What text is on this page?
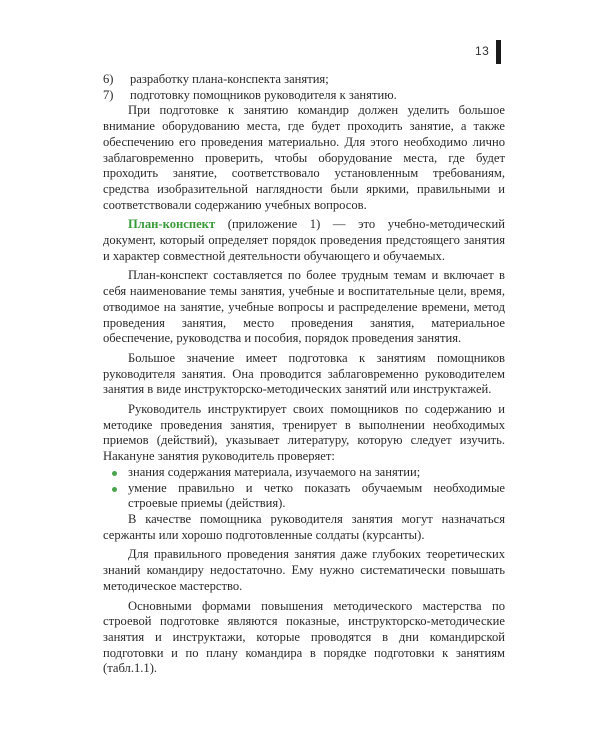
13
6)	разработку плана-конспекта занятия;
7)	подготовку помощников руководителя к занятию.

При подготовке к занятию командир должен уделить большое внимание оборудованию места, где будет проходить занятие, а также обеспечению его проведения материально. Для этого необходимо лично заблаговременно проверить, чтобы оборудование места, где будет проходить занятие, соответствовало установленным требованиям, средства изобразительной наглядности были яркими, правильными и соответствовали содержанию учебных вопросов.

План-конспект (приложение 1) — это учебно-методический документ, который определяет порядок проведения предстоящего занятия и характер совместной деятельности обучающего и обучаемых.

План-конспект составляется по более трудным темам и включает в себя наименование темы занятия, учебные и воспитательные цели, время, отводимое на занятие, учебные вопросы и распределение времени, метод проведения занятия, место проведения занятия, материальное обеспечение, руководства и пособия, порядок проведения занятия.

Большое значение имеет подготовка к занятиям помощников руководителя занятия. Она проводится заблаговременно руководителем занятия в виде инструкторско-методических занятий или инструктажей.

Руководитель инструктирует своих помощников по содержанию и методике проведения занятия, тренирует в выполнении необходимых приемов (действий), указывает литературу, которую следует изучить. Накануне занятия руководитель проверяет:

знания содержания материала, изучаемого на занятии;
умение правильно и четко показать обучаемым необходимые строевые приемы (действия).

В качестве помощника руководителя занятия могут назначаться сержанты или хорошо подготовленные солдаты (курсанты).

Для правильного проведения занятия даже глубоких теоретических знаний командиру недостаточно. Ему нужно систематически повышать методическое мастерство.

Основными формами повышения методического мастерства по строевой подготовке являются показные, инструкторско-методические занятия и инструктажи, которые проводятся в дни командирской подготовки и по плану командира в порядке подготовки к занятиям (табл.1.1).
